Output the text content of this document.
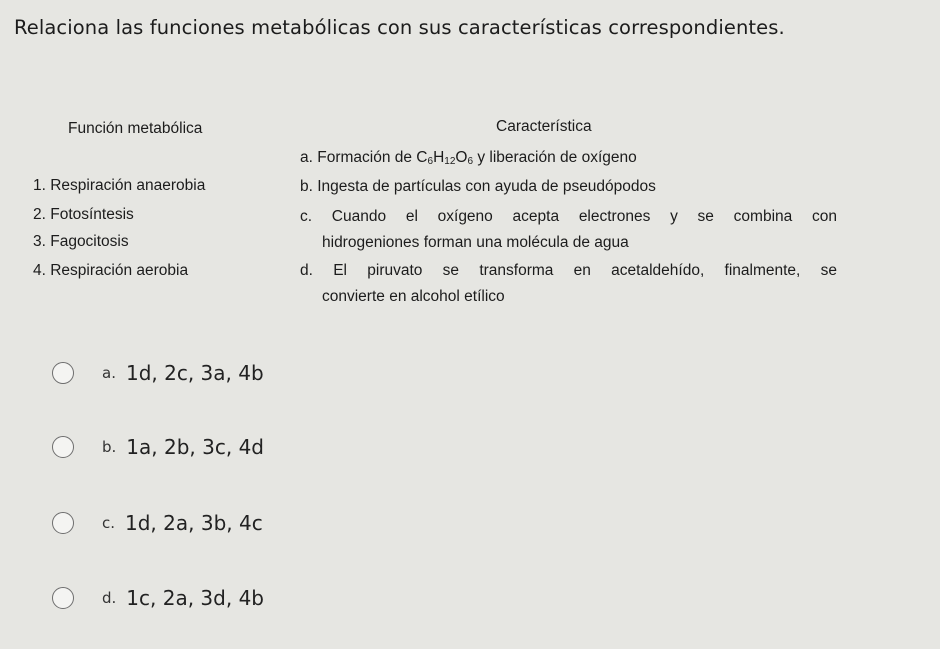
Relaciona las funciones metabólicas con sus características correspondientes.
Función metabólica	Característica
1. Respiración anaerobia
2. Fotosíntesis
3. Fagocitosis
4. Respiración aerobia
a. Formación de $C_6H_{12}O_6$ y liberación de oxígeno
b. Ingesta de partículas con ayuda de pseudópodos
c. Cuando el oxígeno acepta electrones y se combina con
hidrogeniones forman una molécula de agua
d. El piruvato se transforma en acetaldehído, finalmente, se
convierte en alcohol etílico
a. 1d, 2c, 3a, 4b
b. 1a, 2b, 3c, 4d
c. 1d, 2a, 3b, 4c
d. 1c, 2a, 3d, 4b
